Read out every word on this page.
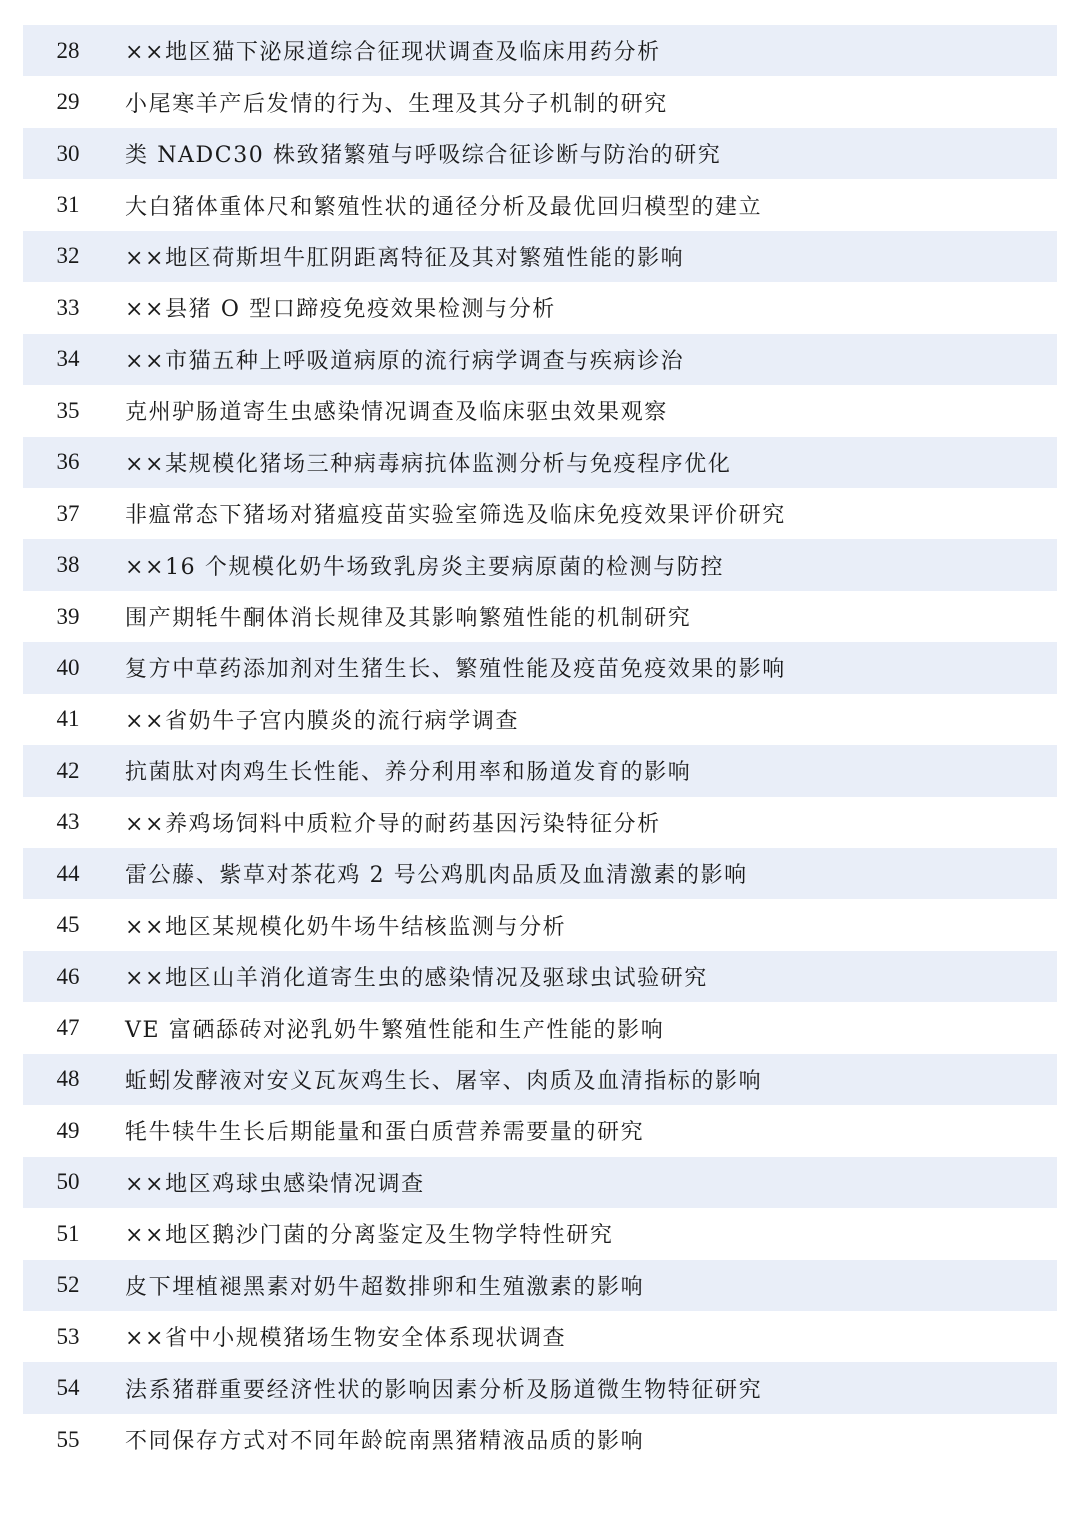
28	××地区猫下泌尿道综合征现状调查及临床用药分析
29	小尾寒羊产后发情的行为、生理及其分子机制的研究
30	类 NADC30 株致猪繁殖与呼吸综合征诊断与防治的研究
31	大白猪体重体尺和繁殖性状的通径分析及最优回归模型的建立
32	××地区荷斯坦牛肛阴距离特征及其对繁殖性能的影响
33	××县猪 O 型口蹄疫免疫效果检测与分析
34	××市猫五种上呼吸道病原的流行病学调查与疾病诊治
35	克州驴肠道寄生虫感染情况调查及临床驱虫效果观察
36	××某规模化猪场三种病毒病抗体监测分析与免疫程序优化
37	非瘟常态下猪场对猪瘟疫苗实验室筛选及临床免疫效果评价研究
38	××16 个规模化奶牛场致乳房炎主要病原菌的检测与防控
39	围产期牦牛酮体消长规律及其影响繁殖性能的机制研究
40	复方中草药添加剂对生猪生长、繁殖性能及疫苗免疫效果的影响
41	××省奶牛子宫内膜炎的流行病学调查
42	抗菌肽对肉鸡生长性能、养分利用率和肠道发育的影响
43	××养鸡场饲料中质粒介导的耐药基因污染特征分析
44	雷公藤、紫草对茶花鸡 2 号公鸡肌肉品质及血清激素的影响
45	××地区某规模化奶牛场牛结核监测与分析
46	××地区山羊消化道寄生虫的感染情况及驱球虫试验研究
47	VE 富硒舔砖对泌乳奶牛繁殖性能和生产性能的影响
48	蚯蚓发酵液对安义瓦灰鸡生长、屠宰、肉质及血清指标的影响
49	牦牛犊牛生长后期能量和蛋白质营养需要量的研究
50	××地区鸡球虫感染情况调查
51	××地区鹅沙门菌的分离鉴定及生物学特性研究
52	皮下埋植褪黑素对奶牛超数排卵和生殖激素的影响
53	××省中小规模猪场生物安全体系现状调查
54	法系猪群重要经济性状的影响因素分析及肠道微生物特征研究
55	不同保存方式对不同年龄皖南黑猪精液品质的影响
